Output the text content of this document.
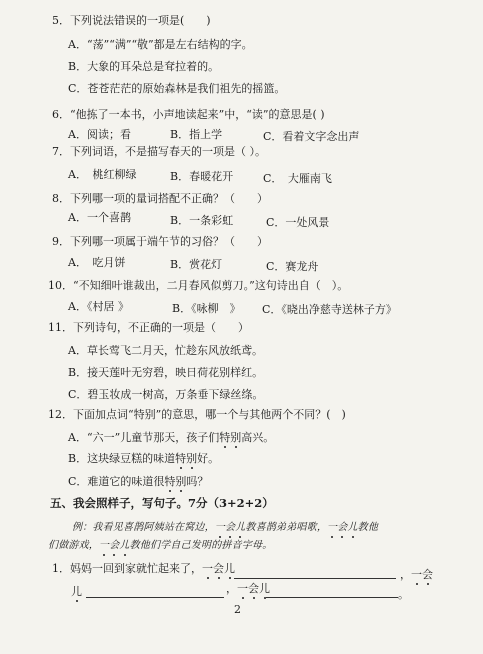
5．下列说法错误的一项是(　　)
A．“荡”“满”“敬”都是左右结构的字。
B．大象的耳朵总是耷拉着的。
C．苍苍茫茫的原始森林是我们祖先的摇篮。
6．“他拣了一本书，小声地读起来”中，“读”的意思是( )
A．阅读；看	B．指上学	C．看着文字念出声
7．下列词语，不是描写春天的一项是（ ）。
A．　桃红柳绿	B．春暖花开	C．　大雁南飞
8．下列哪一项的量词搭配不正确？（　　）
A．一个喜鹊	B．一条彩虹	C．一处风景
9．下列哪一项属于端午节的习俗？（　　）
A．　吃月饼	B．赏花灯	C．赛龙舟
10．“不知细叶谁裁出，二月春风似剪刀。”这句诗出自（　）。
A．《村居 》	B．《咏柳　》 C．《晓出净慈寺送林子方》
11．下列诗句，不正确的一项是（　　）
A．草长莺飞二月天，忙趁东风放纸鸢。
B．接天莲叶无穷碧，映日荷花别样红。
C．碧玉妆成一树高，万条垂下绿丝绦。
12．下面加点词“特别”的意思，哪一个与其他两个不同？(　)
A．“六一”儿童节那天，孩子们特别高兴。
B．这块绿豆糕的味道特别好。
C．难道它的味道很特别吗？
五、我会照样子，写句子。7分（3+2+2）
例：我看见喜鹊阿姨站在窝边，一会儿教喜鹊弟弟唱歌，一会儿教他
们做游戏，一会儿教他们学自己发明的拼音字母。
1．妈妈一回到家就忙起来了，一会儿	，一会
儿	，一会儿	。
2
